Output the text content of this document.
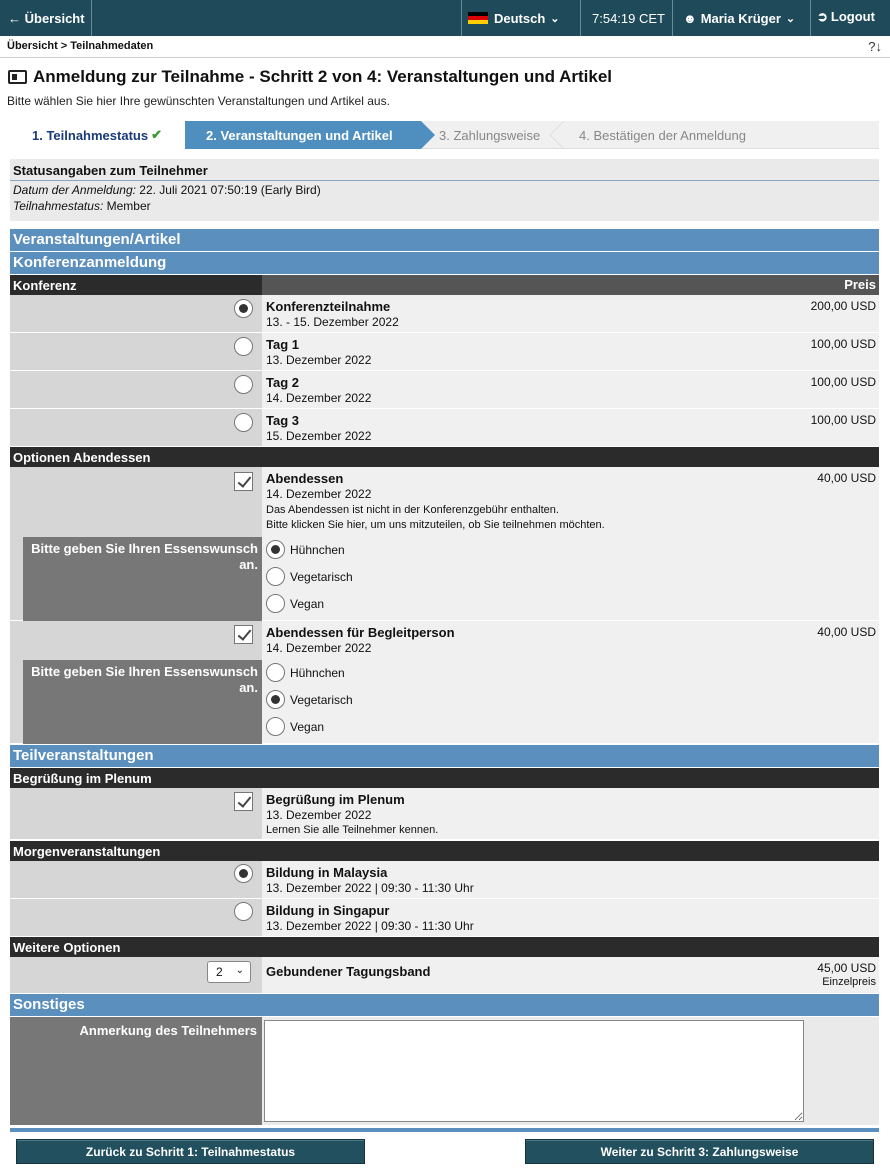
← Übersicht	Deutsch ⌄ 7:54:19 CET ☻ Maria Krüger ⌄ ➲ Logout
Übersicht > Teilnahmedaten	?↓
Anmeldung zur Teilnahme - Schritt 2 von 4: Veranstaltungen und Artikel
Bitte wählen Sie hier Ihre gewünschten Veranstaltungen und Artikel aus.
1. Teilnahmestatus ✔	2. Veranstaltungen und Artikel	3. Zahlungsweise	4. Bestätigen der Anmeldung
Statusangaben zum Teilnehmer
Datum der Anmeldung: 22. Juli 2021 07:50:19 (Early Bird)
Teilnahmestatus: Member
Veranstaltungen/Artikel
Konferenzanmeldung
Konferenz	Preis
Konferenzteilnahme
13. - 15. Dezember 2022
200,00 USD
Tag 1
13. Dezember 2022
100,00 USD
Tag 2
14. Dezember 2022
100,00 USD
Tag 3
15. Dezember 2022
100,00 USD
Optionen Abendessen
Abendessen
14. Dezember 2022
Das Abendessen ist nicht in der Konferenzgebühr enthalten.
Bitte klicken Sie hier, um uns mitzuteilen, ob Sie teilnehmen möchten.
40,00 USD
Bitte geben Sie Ihren Essenswunsch an.
Hühnchen
Vegetarisch
Vegan
Abendessen für Begleitperson
14. Dezember 2022
40,00 USD
Bitte geben Sie Ihren Essenswunsch an.
Hühnchen
Vegetarisch
Vegan
Teilveranstaltungen
Begrüßung im Plenum
Begrüßung im Plenum
13. Dezember 2022
Lernen Sie alle Teilnehmer kennen.
Morgenveranstaltungen
Bildung in Malaysia
13. Dezember 2022 | 09:30 - 11:30 Uhr
Bildung in Singapur
13. Dezember 2022 | 09:30 - 11:30 Uhr
Weitere Optionen
2 ⌄ Gebundener Tagungsband	45,00 USD
Einzelpreis
Sonstiges
Anmerkung des Teilnehmers
Zurück zu Schritt 1: Teilnahmestatus	Weiter zu Schritt 3: Zahlungsweise
